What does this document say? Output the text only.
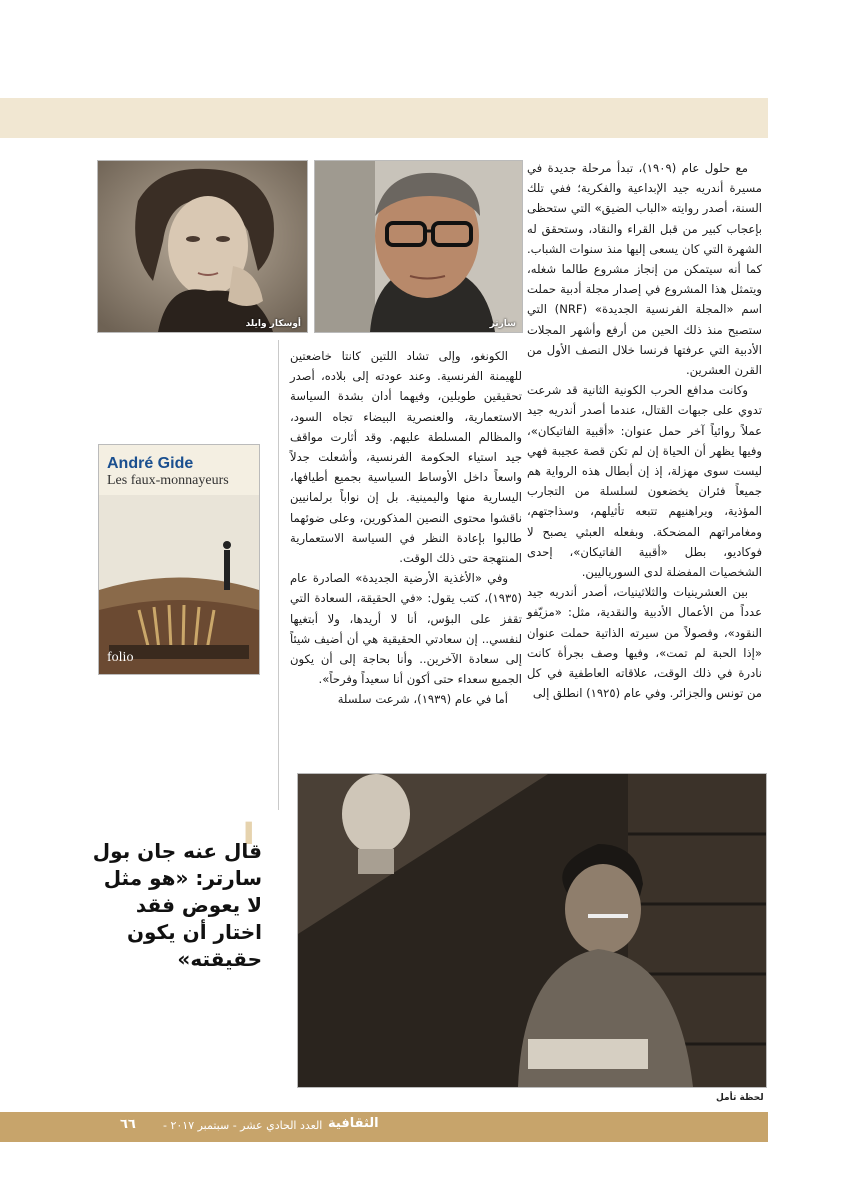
أوسكار وايلد	سارتر

مع حلول عام (١٩٠٩)، تبدأ مرحلة جديدة في مسيرة أندريه جيد الإبداعية والفكرية؛ ففي تلك السنة، أصدر روايته «الباب الضيق» التي ستحظى بإعجاب كبير من قبل القراء والنقاد، وستحقق له الشهرة التي كان يسعى إليها منذ سنوات الشباب. كما أنه سيتمكن من إنجاز مشروع طالما شغله، ويتمثل هذا المشروع في إصدار مجلة أدبية حملت اسم «المجلة الفرنسية الجديدة» (NRF) التي ستصبح منذ ذلك الحين من أرفع وأشهر المجلات الأدبية التي عرفتها فرنسا خلال النصف الأول من القرن العشرين.

وكانت مدافع الحرب الكونية الثانية قد شرعت تدوي على جبهات القتال، عندما أصدر أندريه جيد عملاً روائياً آخر حمل عنوان: «أقبية الفاتيكان»، وفيها يظهر أن الحياة إن لم تكن قصة عجيبة فهي ليست سوى مهزلة، إذ إن أبطال هذه الرواية هم جميعاً فئران يخضعون لسلسلة من التجارب المؤذية، ويراهنيهم تتبعه تأثيلهم، وسذاجتهم، ومغامراتهم المضحكة. وبفعله العبثي يصبح لا فوكاديو، بطل «أقبية الفاتيكان»، إحدى الشخصيات المفضلة لدى السورياليين.

بين العشرينيات والثلاثينيات، أصدر أندريه جيد عدداً من الأعمال الأدبية والنقدية، مثل: «مزيّفو النقود»، وفصولاً من سيرته الذاتية حملت عنوان «إذا الحبة لم تمت»، وفيها وصف بجرأة كانت نادرة في ذلك الوقت، علاقاته العاطفية في كل من تونس والجزائر. وفي عام (١٩٢٥) انطلق إلى

الكونغو، وإلى تشاد اللتين كانتا خاضعتين للهيمنة الفرنسية. وعند عودته إلى بلاده، أصدر تحقيقين طويلين، وفيهما أدان بشدة السياسة الاستعمارية، والعنصرية البيضاء تجاه السود، والمظالم المسلطة عليهم. وقد أثارت مواقف جيد استياء الحكومة الفرنسية، وأشعلت جدلاً واسعاً داخل الأوساط السياسية بجميع أطيافها، اليسارية منها واليمينية. بل إن نواباً برلمانيين ناقشوا محتوى النصين المذكورين، وعلى ضوئهما طالبوا بإعادة النظر في السياسة الاستعمارية المنتهجة حتى ذلك الوقت.

وفي «الأغذية الأرضية الجديدة» الصادرة عام (١٩٣٥)، كتب يقول: «في الحقيقة، السعادة التي تقفز على البؤس، أنا لا أريدها، ولا أبتغيها لنفسي.. إن سعادتي الحقيقية هي أن أضيف شيئاً إلى سعادة الآخرين.. وأنا بحاجة إلى أن يكون الجميع سعداء حتى أكون أنا سعيداً وفرحاً».

أما في عام (١٩٣٩)، شرعت سلسلة

André Gide
Les faux-monnayeurs
folio
'
قال عنه جان بول سارتر: «هو مثل لا يعوض فقد اختار أن يكون حقيقته»
لحظة تأمل
٦٦ العدد الحادي عشر - سبتمبر ٢٠١٧ - الثقافية
